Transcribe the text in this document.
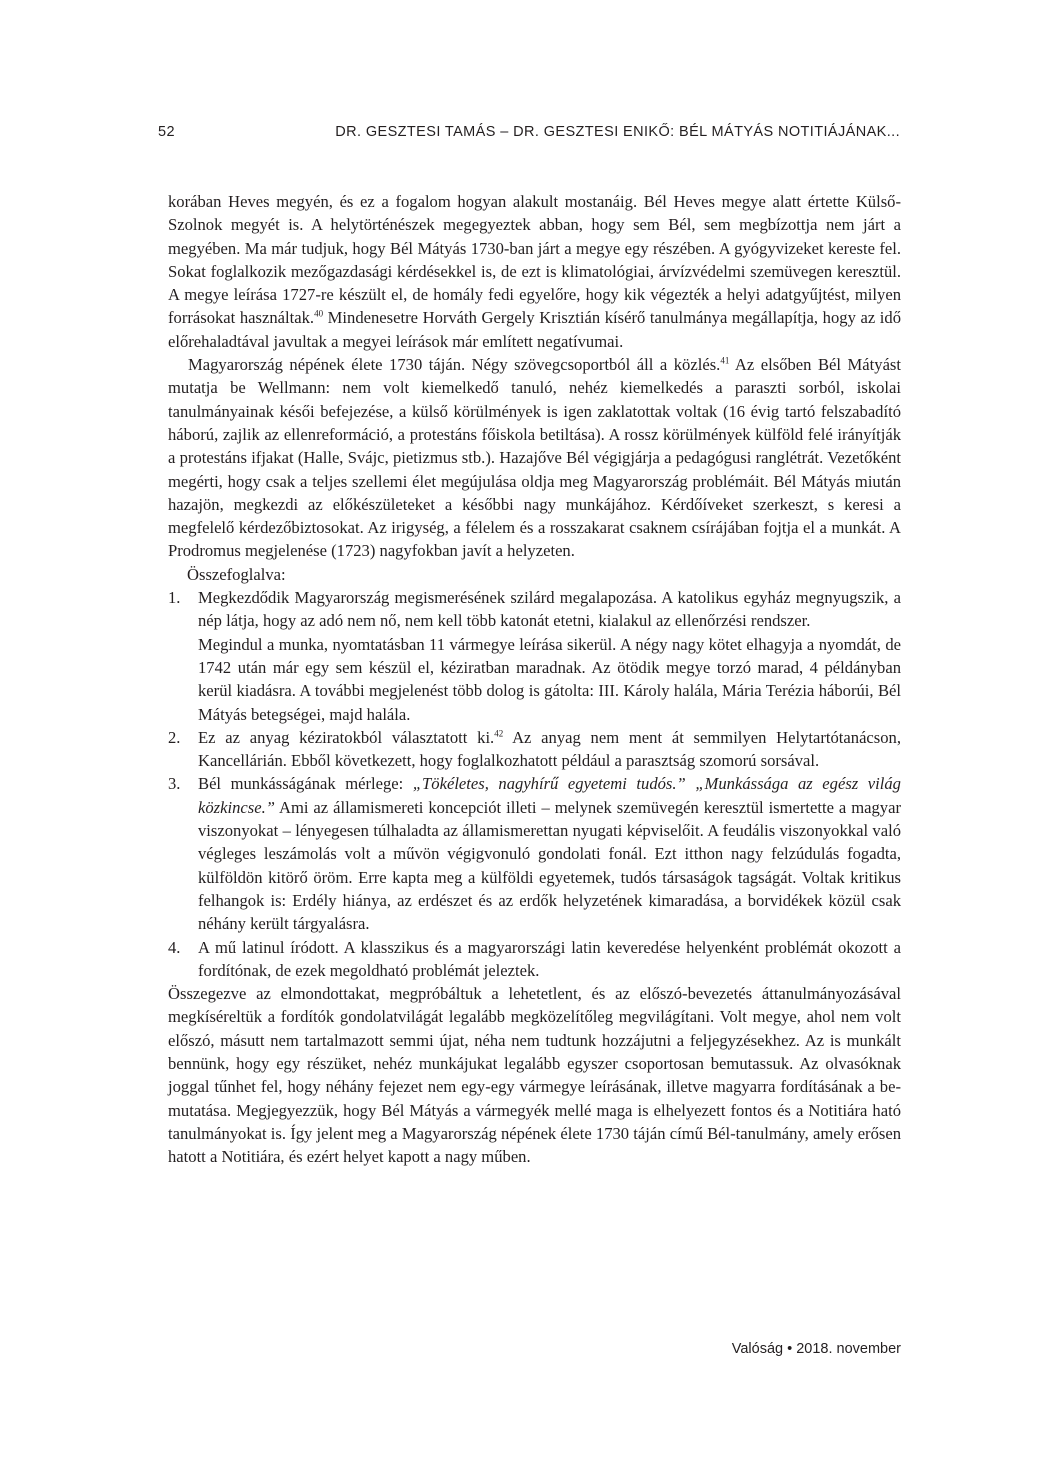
52	DR. GESZTESI TAMÁS – DR. GESZTESI ENIKŐ: BÉL MÁTYÁS NOTITIÁJÁNAK...

korában Heves megyén, és ez a fogalom hogyan alakult mostanáig. Bél Heves megye alatt értette Külső- Szolnok megyét is. A helytörténészek megegyeztek abban, hogy sem Bél, sem megbízottja nem járt a megyében. Ma már tudjuk, hogy Bél Mátyás 1730-ban járt a megye egy részében. A gyógyvizeket kereste fel. Sokat foglalkozik mezőgazdasági kérdésekkel is, de ezt is klimatológiai, árvízvédelmi szemüvegen keresztül. A megye leírása 1727-re készült el, de homály fedi egyelőre, hogy kik végezték a helyi adatgyűjtést, milyen forrásokat használtak.$^{40}$ Mindenesetre Horváth Gergely Krisztián kísérő tanulmánya megállapítja, hogy az idő előrehaladtával javultak a megyei leírások már említett negatívumai.

Magyarország népének élete 1730 táján. Négy szövegcsoportból áll a közlés.$^{41}$ Az elsőben Bél Mátyást mutatja be Wellmann: nem volt kiemelkedő tanuló, nehéz kiemelkedés a paraszti sorból, iskolai tanulmányainak késői befejezése, a külső körülmények is igen zaklatottak voltak (16 évig tartó felszabadító háború, zajlik az ellenreformáció, a protestáns főiskola betiltása). A rossz körülmények külföld felé irányítják a protestáns ifjakat (Halle, Svájc, pietizmus stb.). Hazajőve Bél végigjárja a pedagógusi ranglétrát. Vezetőként megérti, hogy csak a teljes szellemi élet megújulása oldja meg Magyarország problémáit. Bél Mátyás miután hazajön, megkezdi az előkészületeket a későbbi nagy munkájához. Kérdőíveket szerkeszt, s keresi a megfelelő kérdezőbiztosokat. Az irigység, a félelem és a rosszakarat csaknem csírájában fojtja el a munkát. A Prodromus megjelenése (1723) nagyfokban javít a helyzeten.

Összefoglalva:

1. Megkezdődik Magyarország megismerésének szilárd megalapozása. A katolikus egyház megnyugszik, a nép látja, hogy az adó nem nő, nem kell több katonát etetni, kialakul az ellenőrzési rendszer.

Megindul a munka, nyomtatásban 11 vármegye leírása sikerül. A négy nagy kötet elhagyja a nyomdát, de 1742 után már egy sem készül el, kéziratban maradnak. Az ötödik megye torzó marad, 4 példányban kerül kiadásra. A további megjelenést több dolog is gátolta: III. Károly halála, Mária Terézia háborúi, Bél Mátyás betegségei, majd halála.

2. Ez az anyag kéziratokból választatott ki.$^{42}$ Az anyag nem ment át semmilyen Helytartótanácson, Kancellárián. Ebből következett, hogy foglalkozhatott például a parasztság szomorú sorsával.
3. Bél munkásságának mérlege: „Tökéletes, nagyhírű egyetemi tudós.” „Munkássága az egész világ közkincse.” Ami az államismereti koncepciót illeti – melynek szemüvegén keresztül ismertette a magyar viszonyokat – lényegesen túlhaladta az államismerettan nyugati képviselőit. A feudális viszonyokkal való végleges leszámolás volt a művön végigvonuló gondolati fonál. Ezt itthon nagy felzúdulás fogadta, külföldön kitörő öröm. Erre kapta meg a külföldi egyetemek, tudós társaságok tagságát. Voltak kritikus felhangok is: Erdély hiánya, az erdészet és az erdők helyzetének kimaradása, a borvidékek közül csak néhány került tárgyalásra.
4. A mű latinul íródott. A klasszikus és a magyarországi latin keveredése helyenként problémát okozott a fordítónak, de ezek megoldható problémát jeleztek.

Összegezve az elmondottakat, megpróbáltuk a lehetetlent, és az előszó-bevezetés áttanulmányozásával megkíséreltük a fordítók gondolatvilágát legalább megközelítőleg megvilágítani. Volt megye, ahol nem volt előszó, másutt nem tartalmazott semmi újat, néha nem tudtunk hozzájutni a feljegyzésekhez. Az is munkált bennünk, hogy egy részüket, nehéz munkájukat legalább egyszer csoportosan bemutassuk. Az olvasóknak joggal tűnhet fel, hogy néhány fejezet nem egy-egy vármegye leírásának, illetve magyarra fordításának a bemutatása. Megjegyezzük, hogy Bél Mátyás a vármegyék mellé maga is elhelyezett fontos és a Notitiára ható tanulmányokat is. Így jelent meg a Magyarország népének élete 1730 táján című Bél-tanulmány, amely erősen hatott a Notitiára, és ezért helyet kapott a nagy műben.

Valóság • 2018. november
